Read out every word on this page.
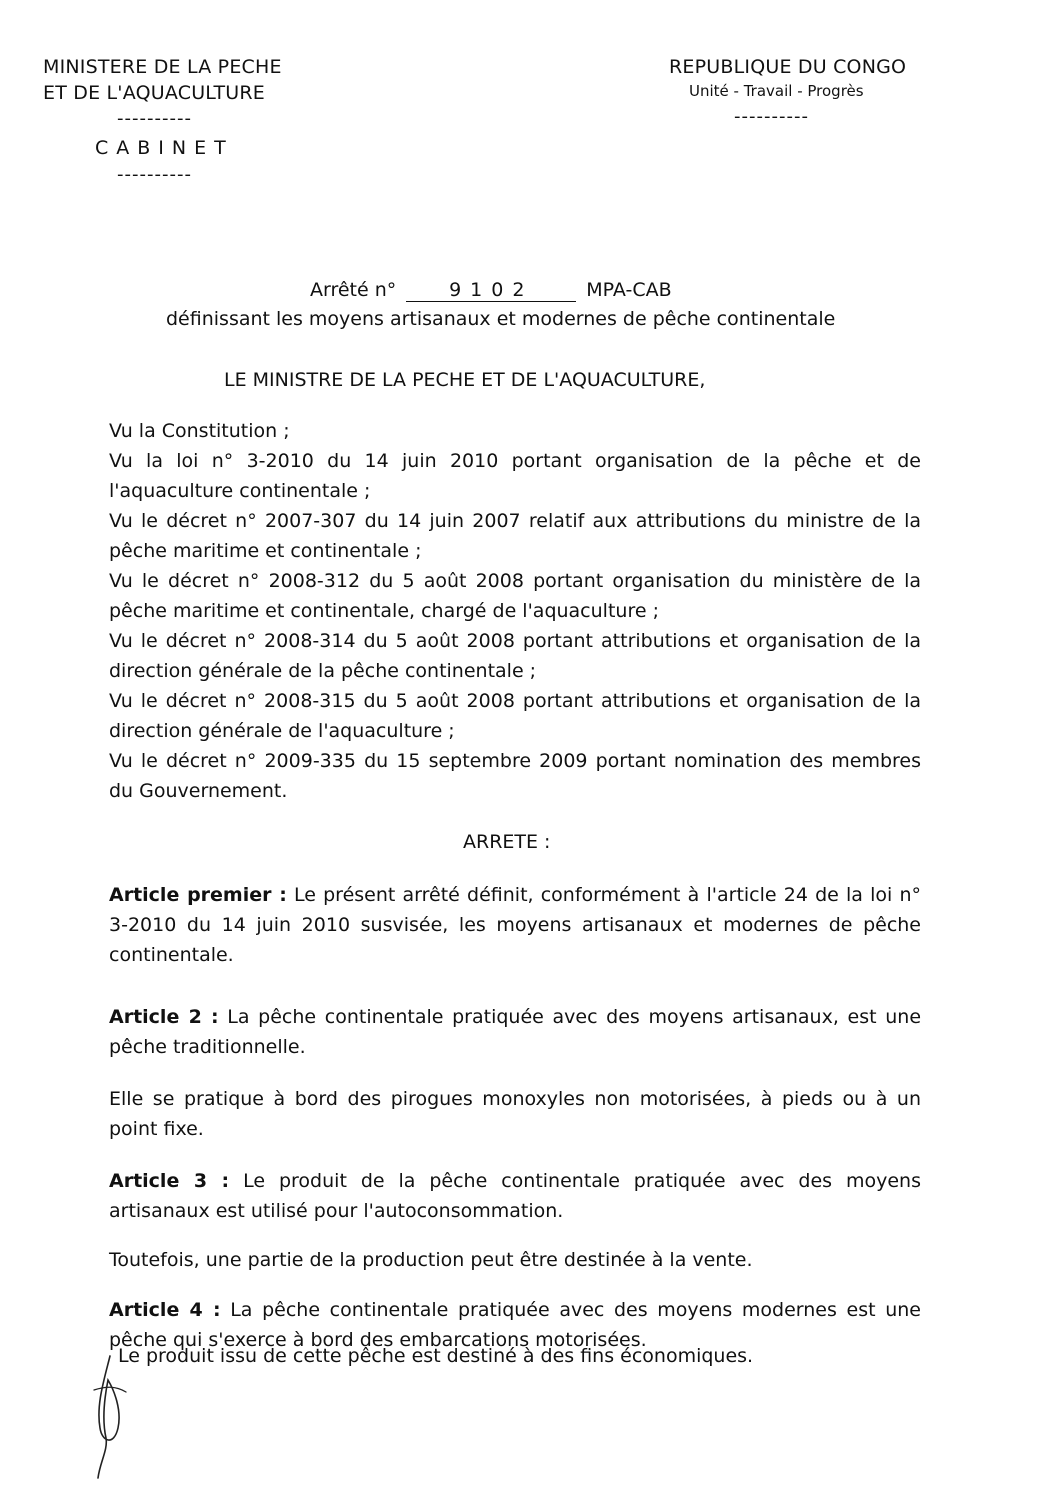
MINISTERE DE LA PECHE

ET DE L'AQUACULTURE

----------

CABINET

----------

REPUBLIQUE DU CONGO

Unité - Travail - Progrès

----------

Arrêté n°	9102	MPA-CAB

définissant les moyens artisanaux et modernes de pêche continentale

LE MINISTRE DE LA PECHE ET DE L'AQUACULTURE,

Vu la Constitution ;
Vu la loi n° 3-2010 du 14 juin 2010 portant organisation de la pêche et de l'aquaculture continentale ;
Vu le décret n° 2007-307 du 14 juin 2007 relatif aux attributions du ministre de la pêche maritime et continentale ;
Vu le décret n° 2008-312 du 5 août 2008 portant organisation du ministère de la pêche maritime et continentale, chargé de l'aquaculture ;
Vu le décret n° 2008-314 du 5 août 2008 portant attributions et organisation de la direction générale de la pêche continentale ;
Vu le décret n° 2008-315 du 5 août 2008 portant attributions et organisation de la direction générale de l'aquaculture ;
Vu le décret n° 2009-335 du 15 septembre 2009 portant nomination des membres du Gouvernement.

ARRETE :

Article premier : Le présent arrêté définit, conformément à l'article 24 de la loi n° 3-2010 du 14 juin 2010 susvisée, les moyens artisanaux et modernes de pêche continentale.
Article 2 : La pêche continentale pratiquée avec des moyens artisanaux, est une pêche traditionnelle.
Elle se pratique à bord des pirogues monoxyles non motorisées, à pieds ou à un point fixe.
Article 3 : Le produit de la pêche continentale pratiquée avec des moyens artisanaux est utilisé pour l'autoconsommation.
Toutefois, une partie de la production peut être destinée à la vente.
Article 4 : La pêche continentale pratiquée avec des moyens modernes est une pêche qui s'exerce à bord des embarcations motorisées.
Le produit issu de cette pêche est destiné à des fins économiques.
